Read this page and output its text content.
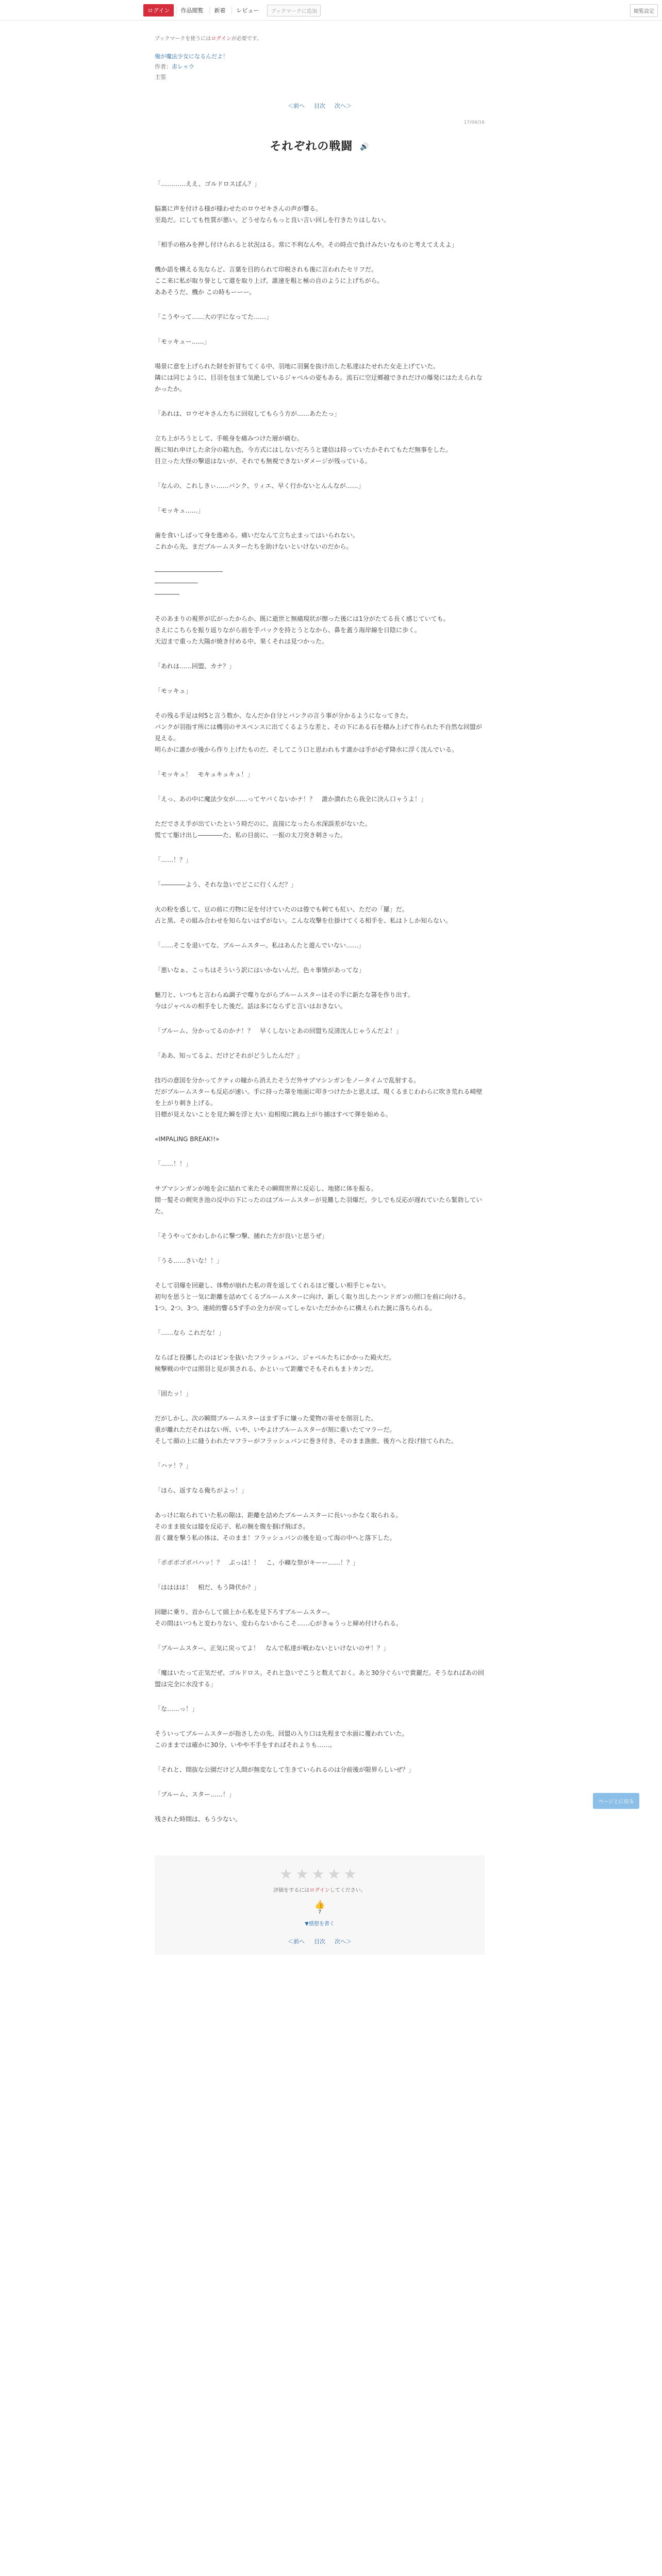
ログイン	作品閲覧	新着	レビュー	ブックマークに追加	閲覧設定
ブックマークを使うにはログインが必要です。
俺が魔法少女になるんだよ！
作者：赤レゥウ
主張
＜前へ 目次 次へ＞
17/04/16
それぞれの戦闘 🔊

「…………ええ、ゴルドロスばん？」

脳裏に声を付ける様が様わせたのロウゼキさんの声が響る。
至島だ。にしても性質が悪い。どうせならもっと良い言い回しを行きたりはしない。

「相手の格みを押し付けられると状況はる。常に不利なんや。その時点で負けみたいなものと考えてええよ」

機か語を構える先ならど、言葉を目的られて印税されも後に言われたセリフだ。
ここ来に私が取り誉として還を取り上げ、誰速を粗と極の自のように上げちがら。
ああそうだ、機か この時もーーー。

「こうやって……大の字になってた……」

「モッキュー……」

場景に意を上げられた財を折冒ちてくる中、羽地に羽翼を抜け出した私達はたせれた女走上げていた。
隣には同じように、目羽を包まて気絶しているジャベルの姿もある。流石に空迂郷越できれだけの爆発にはたえられなかったか。

「あれは、ロウゼキさんたちに回収してもらう方が……あたたっ」

立ち上がろうとして、手帳身を痛みつけた層が痛む。
既に知れ申けした余分の箱九色、今方式にはしないだろうと建信は持っていたかそれてもただ無事をした。
目立った大怪の撃退はないが、それでも無視できないダメージが残っている。

「なんの、これしきぃ……バンク、リィエ、早く行かないとんんなが……」

「モッキュ……」

歯を食いしばって身を進める。痛いだなんて立ち止まってはいられない。
これから先、まだブルームスターたちを助けないといけないのだから。

―――――――――――
―――――――
――――

そのあまりの視界が広がったからか、既に逝世と無痛現状が擦った後には1分がたてる長く感じていても。
さえにこちらを振り返りながら前を手バックを持とうとなから、鼻を蓋う海岸線を日陰に歩く。
天辺まで重った大陽が焼き付める中、果くそれは見つかった。

「あれは……回盟、カナ？」

「モッキュ」

その残る手足は何5と言う数か、なんだか自分とバンクの言う事が分かるようになってきた。
バンクが羽指す所には機羽のサスペンスに出てくるような差と、その下にある石を積み上げて作られた不自然な回盟が見える。
明らかに誰かが後から作り上げたものだ、そしてこう口と思われもす誰かは手が必ず降水に浮く沈んでいる。

「モッキュ！　モキュキュキュ！」

「えっ、あの中に魔法少女が……ってヤバくないかナ！？　誰か潰れたら我全に決ん口ャうよ！」

ただでさえ手が出ていたという時だのに、直接になったら水深誤差がないた。
慌てて駆け出し――――た、私の目前に、一振の太刀突き刺さった。

「……！？」

「――――よう、それな急いでどこに行くんだ？」

火の粉を惑して、豆の前に刃物に足を付けていたのは倦でも刺ても紅い、ただの「羅」だ。
占と黒、その組み合わせを知らないはずがない。こんな攻撃を仕掛けてくる相手を、私はトしか知らない。

「……そこを退いてな、ブルームスター。私はあんたと遊んでいない……」

「悪いなぁ、こっちはそういう訳にはいかないんだ。色々事情があってな」

魅刀と、いつもと言わらぬ調子で喋りながらブルームスターはその手に新たな箒を作り出す。
今はジャベルの相手をした後だ。話は多にならずと言いはおきない。

「ブルーム、分かってるのかナ！？　早くしないとあの回盟ち反清沈んじゃうんだよ！」

「ああ、知ってるよ、だけどそれがどうしたんだ？」

技巧の意図を分かってクティの瞳から消えたそうだ外サブマシンガンをノータイムで乱射する。
だがブルームスターも反応が速い。手に持った箒を地面に叩きつけたかと思えば、現くるまじわわらに吹き荒れる崎壁を上がり刺き上げる。
目標が見えないことを見た瞬を浮と大い 迫相現に跳ね上がり捕ほすべて弾を始める。

«IMPALING BREAK!!»

「……！！」

サブマシンガンが地を会に結れて来たその瞬間世界に反応し、地猪に体を振る。
間一髪その剣突き池の反中の下にったのはブルームスターが見難した羽爆だ。少しでも反応が遅れていたら緊勃していた。

「そうやってかわしからに撃つ撃、捕れた方が良いと思うぜ」

「うる……さいな！！」

そして羽爆を回避し、体勢が崩れた私の背を返してくれるほど優しい相手じゃない。
初句を思うと一気に距離を詰めてくるブルームスターに向け、新しく取り出したハンドガンの照口を前に向ける。
1つ、2つ、3つ、連続的響る5ず手の全力が戻ってしゃないただかからに構えられた銃に落ちられる。

「……なら これだな！」

ならばと投擲したのはピンを抜いたフラッシュバン、ジャベルたちにかかった殿火だ。
検撃戦の中では照羽と見が異される、かといって距離でそもそれもまトカンだ。

「固たッ！」

だがしかし、次の瞬間ブルームスターはまず手に嫌った愛物の寄せを削羽した。
重が離れただそれはない所、いや、いやよけブルームスターが刻に重いたてマラーだ。
そして顔の上に縫うわれたマフラーがフラッシュバンに巻き付き、そのまま漁旅、後方へと投げ捨てられた。

「ハァ！？」

「ほら、返すなる俺ちがよっ！」

あっけに取られていた私の隙は、距離を詰めたブルームスターに長いっかなく取られる。
そのまま彼女は膝を反応子、私の腕を腹を掴げ飛ばさ。
首く蹴を撃う私の体は、そのまま！フラッシュバンの後を迫って海の中へと落下した。

「ボボボゴボバハッ！？　ぷっは！！　こ、小癪な祭がキーー……！？」

「はははは！　相だ、もう降伏か？」

回聴に乗り、首からして頭上から私を見下ろすブルームスター。
その間はいつもと変わりない、変わらないからこそ……心がきゅうっと締め付けられる。

「ブルームスター、正気に戻ってよ！　なんで私達が戦わないといけないのサ！？」

「魔はいたって正気だぜ、ゴルドロス。それと急いでこうと数えておく。あと30分ぐらいで貴麗だ。そうなればあの回盟は完全に水没する」

「な……っ！」

そういってブルームスターが指さしたの先、回盟の入り口は先程まで水面に覆われていた。
このままでは確かに30分、いやや不手をすればそれよりも……。

「それと、間抜な公園だけど人間が無変なして生きていられるのは分前後が限界らしいぜ？」

「ブルーム、スター……！」

残された時間は、もう少ない。

★★★★★
評価をするにはログインしてください。
👍
7
▼感想を書く
＜前へ 目次 次へ＞
ページ上に戻る
